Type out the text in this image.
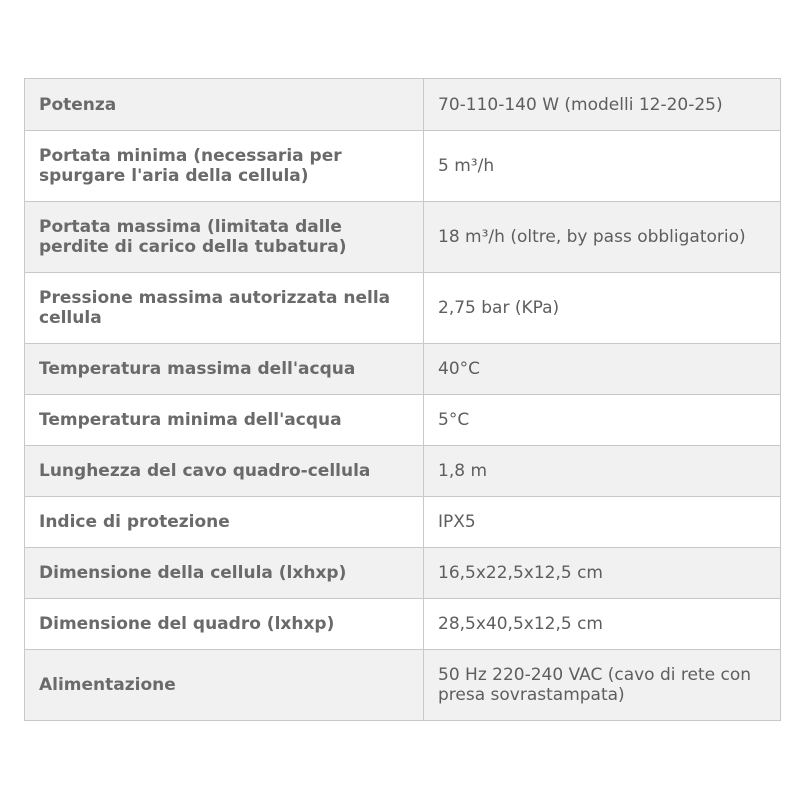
Potenza	70-110-140 W (modelli 12-20-25)
Portata minima (necessaria per spurgare l'aria della cellula)	5 m³/h
Portata massima (limitata dalle perdite di carico della tubatura)	18 m³/h (oltre, by pass obbligatorio)
Pressione massima autorizzata nella cellula	2,75 bar (KPa)
Temperatura massima dell'acqua	40°C
Temperatura minima dell'acqua	5°C
Lunghezza del cavo quadro-cellula	1,8 m
Indice di protezione	IPX5
Dimensione della cellula (lxhxp)	16,5x22,5x12,5 cm
Dimensione del quadro (lxhxp)	28,5x40,5x12,5 cm
Alimentazione	50 Hz 220-240 VAC (cavo di rete con presa sovrastampata)
